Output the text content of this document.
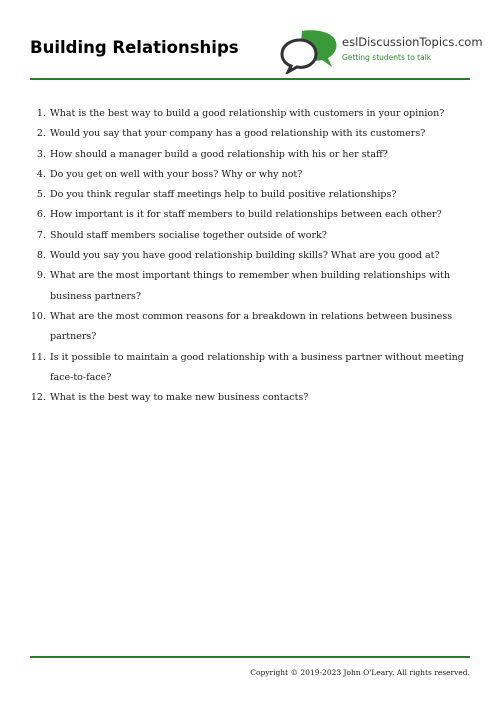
Building Relationships	eslDiscussionTopics.com
Getting students to talk
1. What is the best way to build a good relationship with customers in your opinion?
2. Would you say that your company has a good relationship with its customers?
3. How should a manager build a good relationship with his or her staff?
4. Do you get on well with your boss? Why or why not?
5. Do you think regular staff meetings help to build positive relationships?
6. How important is it for staff members to build relationships between each other?
7. Should staff members socialise together outside of work?
8. Would you say you have good relationship building skills? What are you good at?
9. What are the most important things to remember when building relationships with business partners?
10. What are the most common reasons for a breakdown in relations between business partners?
11. Is it possible to maintain a good relationship with a business partner without meeting face-to-face?
12. What is the best way to make new business contacts?
Copyright © 2019-2023 John O'Leary. All rights reserved.
